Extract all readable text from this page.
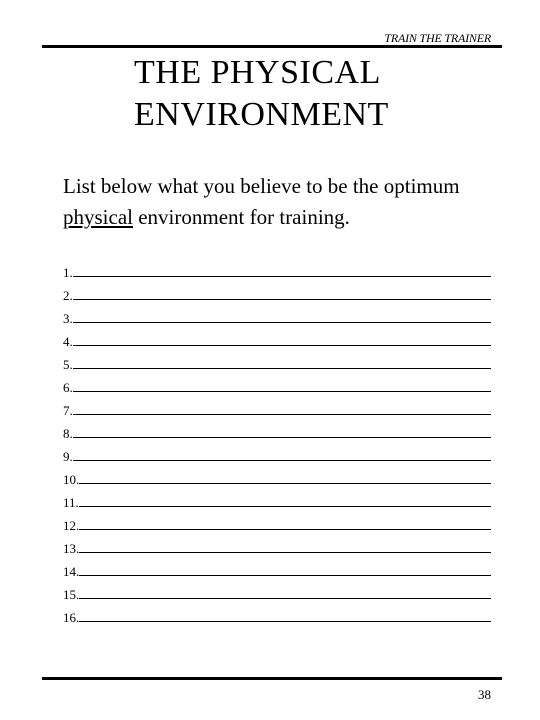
TRAIN THE TRAINER
THE PHYSICAL
ENVIRONMENT
List below what you believe to be the optimum physical environment for training.
1.
2.
3.
4.
5.
6.
7.
8.
9.
10.
11.
12.
13.
14.
15.
16.
38
